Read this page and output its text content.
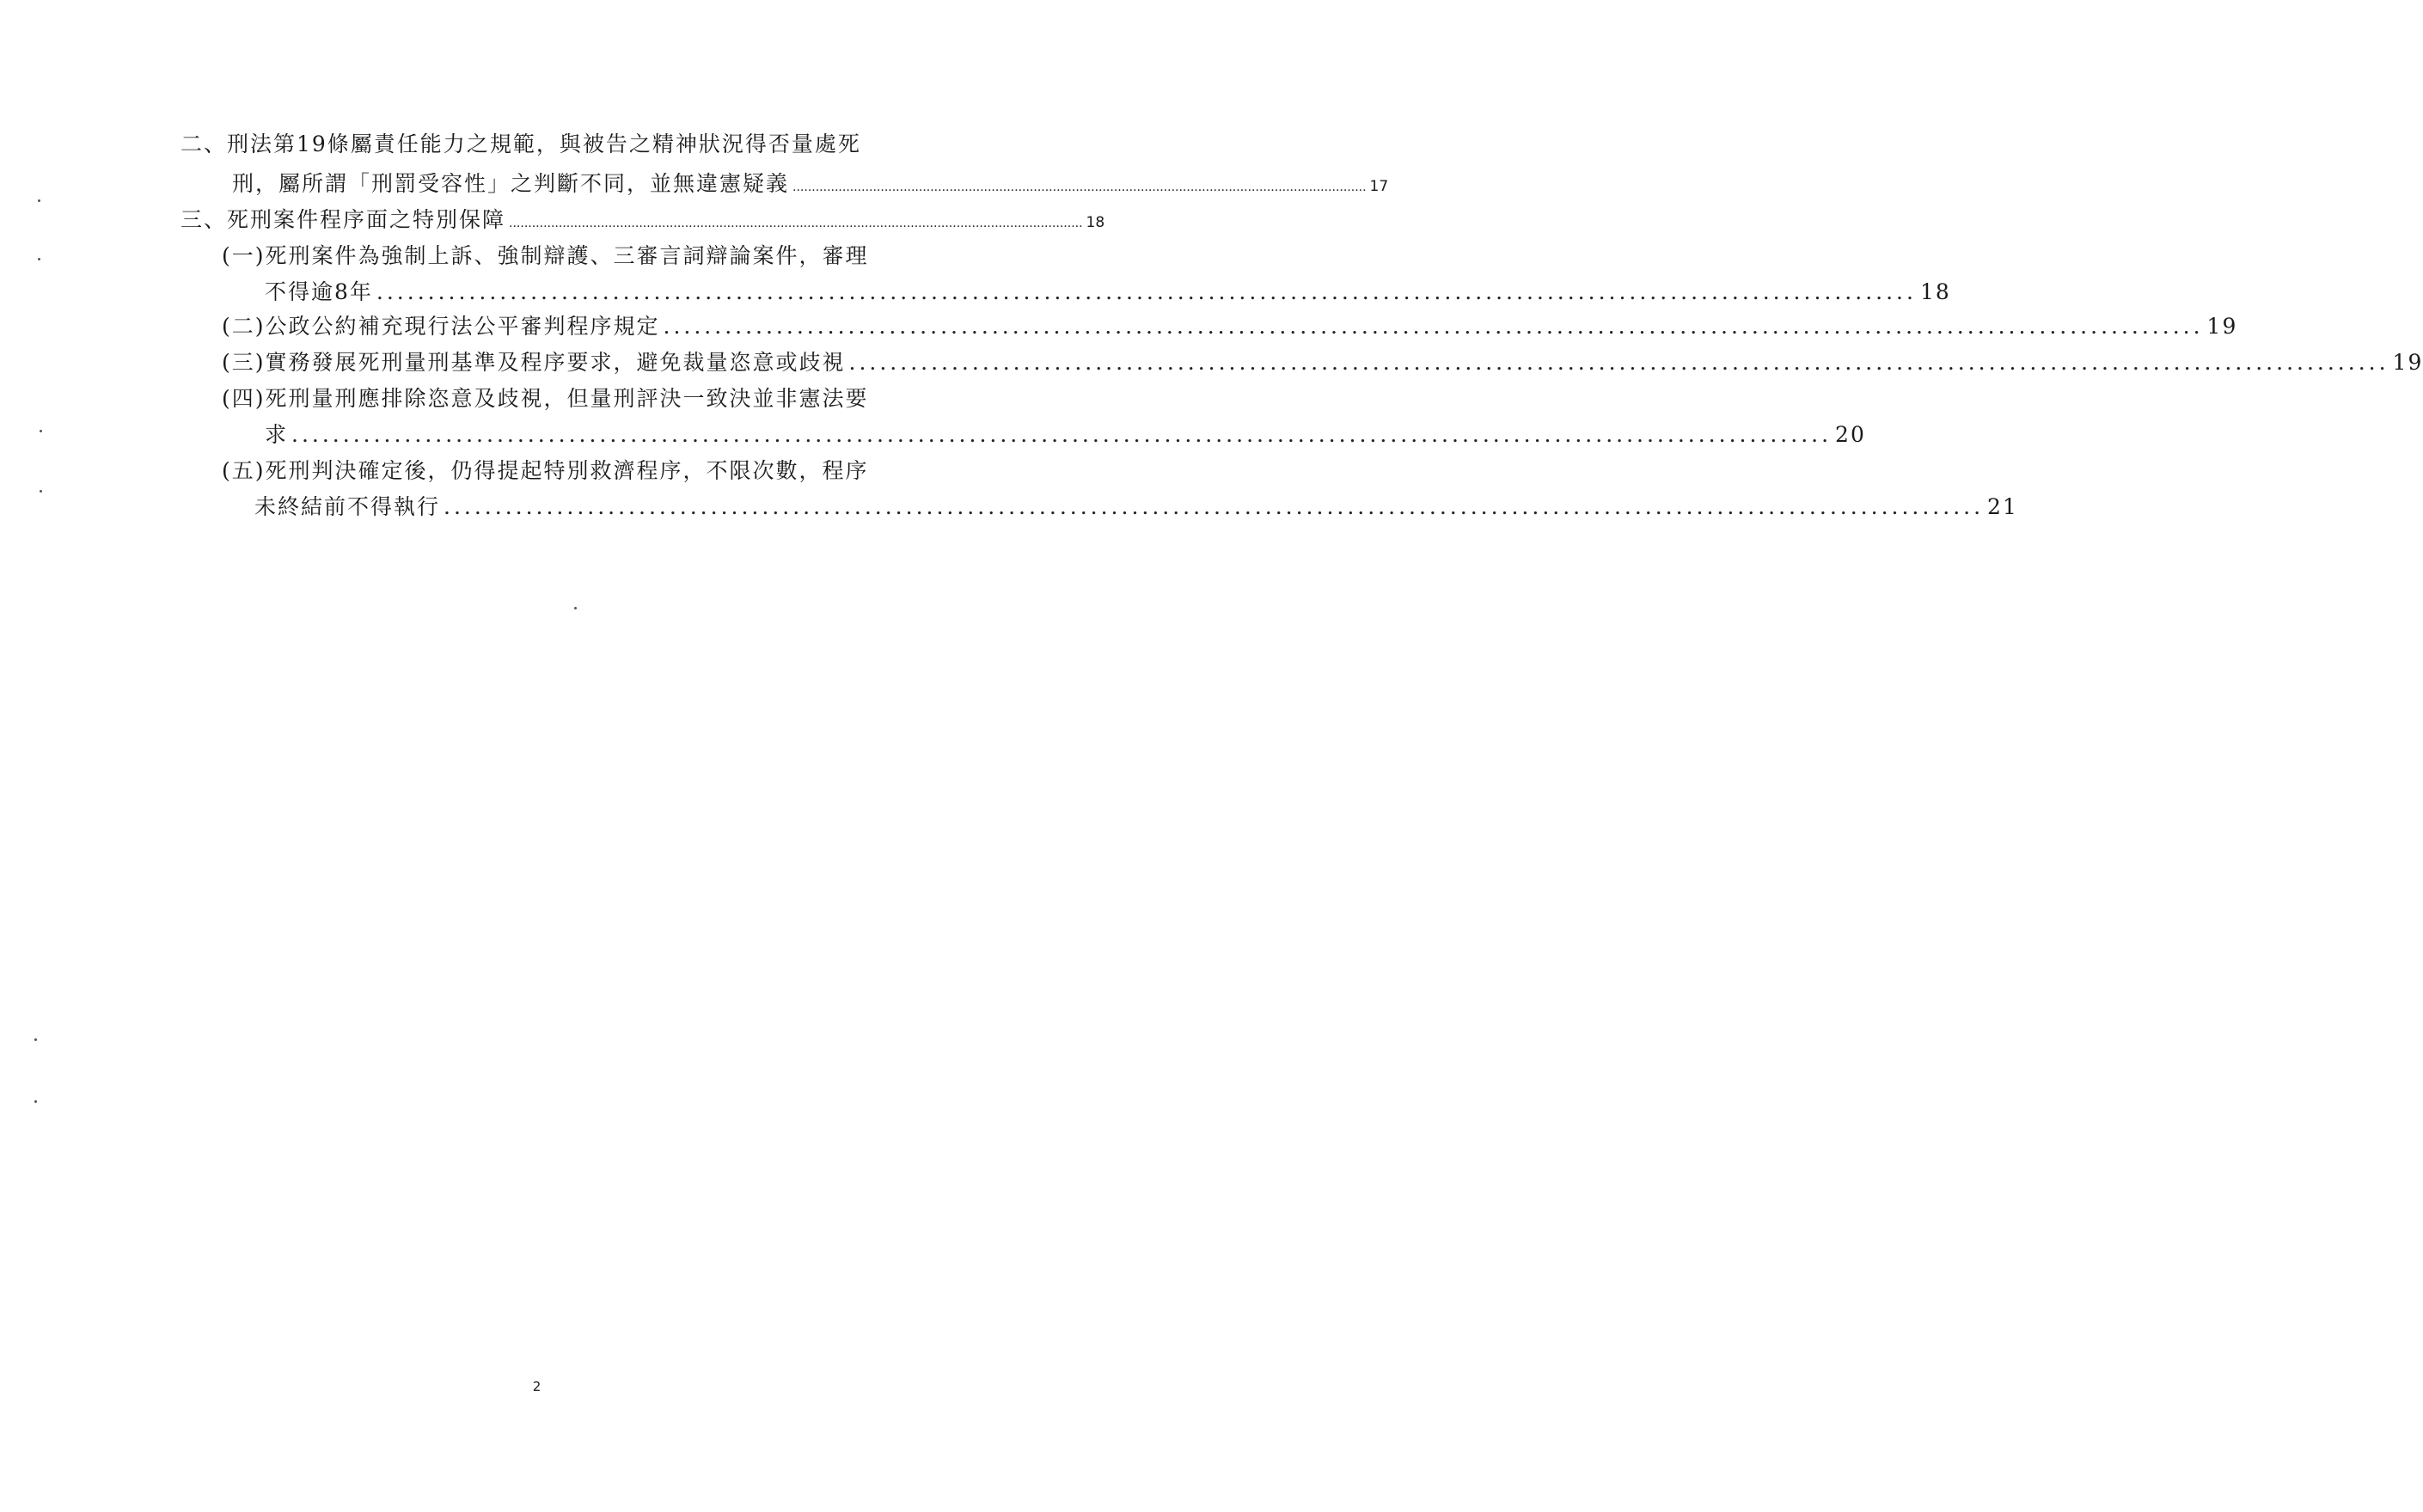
二、刑法第19條屬責任能力之規範，與被告之精神狀況得否量處死
刑，屬所謂「刑罰受容性」之判斷不同，並無違憲疑義 ...................................................................................................................................................... 17
三、死刑案件程序面之特別保障 ...................................................................................................................................................... 18
(一)死刑案件為強制上訴、強制辯護、三審言詞辯論案件，審理
不得逾8年 ...................................................................................................................................................... 18
(二)公政公約補充現行法公平審判程序規定 ...................................................................................................................................................... 19
(三)實務發展死刑量刑基準及程序要求，避免裁量恣意或歧視 ...................................................................................................................................................... 19
(四)死刑量刑應排除恣意及歧視，但量刑評決一致決並非憲法要
求 ...................................................................................................................................................... 20
(五)死刑判決確定後，仍得提起特別救濟程序，不限次數，程序
未終結前不得執行 ...................................................................................................................................................... 21
2
